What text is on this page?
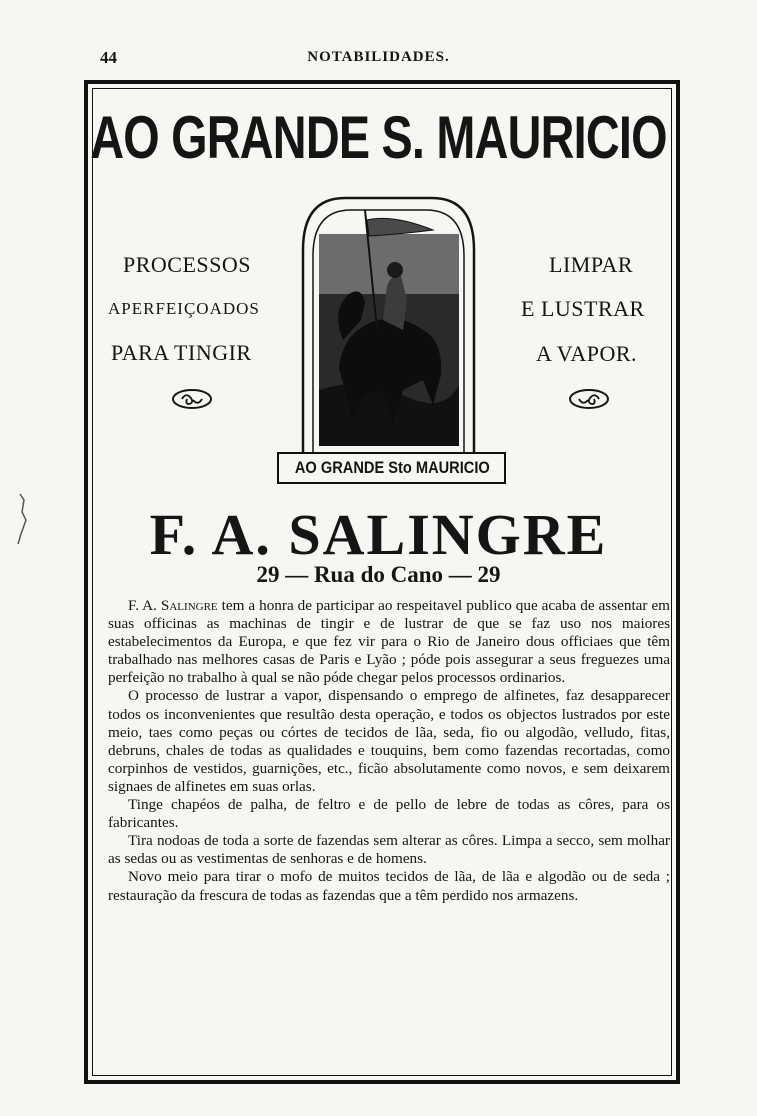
44	NOTABILIDADES.
AO GRANDE S. MAURICIO
PROCESSOS
APERFEIÇOADOS
PARA TINGIR
LIMPAR
E LUSTRAR
A VAPOR.
AO GRANDE Sto MAURICIO
F. A. SALINGRE
29 — Rua do Cano — 29

F. A. Salingre tem a honra de participar ao respeitavel publico que acaba de assentar em suas officinas as machinas de tingir e de lustrar de que se faz uso nos maiores estabelecimentos da Europa, e que fez vir para o Rio de Janeiro dous officiaes que têm trabalhado nas melhores casas de Paris e Lyão ; póde pois assegurar a seus freguezes uma perfeição no trabalho à qual se não póde chegar pelos processos ordinarios.

O processo de lustrar a vapor, dispensando o emprego de alfinetes, faz desapparecer todos os inconvenientes que resultão desta operação, e todos os objectos lustrados por este meio, taes como peças ou córtes de tecidos de lãa, seda, fio ou algodão, velludo, fitas, debruns, chales de todas as qualidades e touquins, bem como fazendas recortadas, como corpinhos de vestidos, guarnições, etc., ficão absolutamente como novos, e sem deixarem signaes de alfinetes em suas orlas.

Tinge chapéos de palha, de feltro e de pello de lebre de todas as côres, para os fabricantes.

Tira nodoas de toda a sorte de fazendas sem alterar as côres. Limpa a secco, sem molhar as sedas ou as vestimentas de senhoras e de homens.

Novo meio para tirar o mofo de muitos tecidos de lãa, de lãa e algodão ou de seda ; restauração da frescura de todas as fazendas que a têm perdido nos armazens.
